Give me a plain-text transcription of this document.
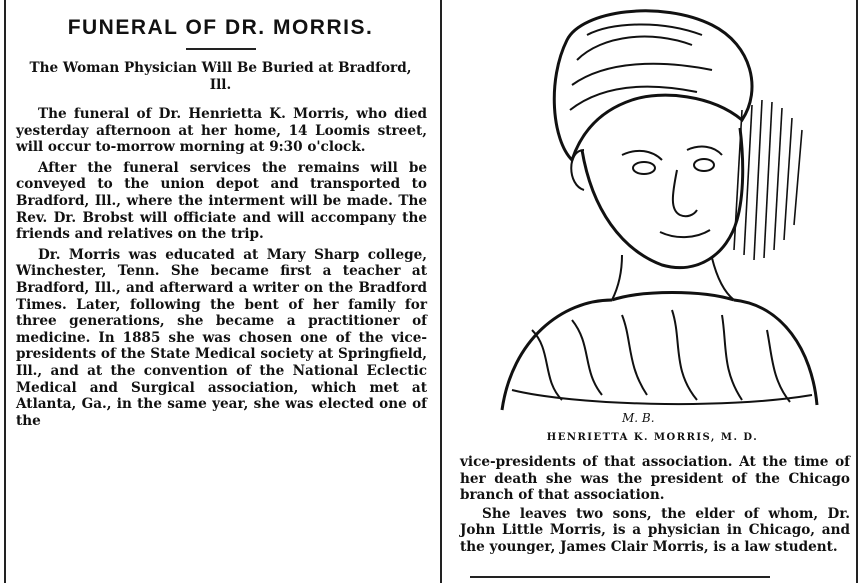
FUNERAL OF DR. MORRIS.
The Woman Physician Will Be Buried at Bradford, Ill.
The funeral of Dr. Henrietta K. Morris, who died yesterday afternoon at her home, 14 Loomis street, will occur to-morrow morning at 9:30 o'clock.
After the funeral services the remains will be conveyed to the union depot and transported to Bradford, Ill., where the interment will be made. The Rev. Dr. Brobst will officiate and will accompany the friends and relatives on the trip.
Dr. Morris was educated at Mary Sharp college, Winchester, Tenn. She became first a teacher at Bradford, Ill., and afterward a writer on the Bradford Times. Later, following the bent of her family for three generations, she became a practitioner of medicine. In 1885 she was chosen one of the vice-presidents of the State Medical society at Springfield, Ill., and at the convention of the National Eclectic Medical and Surgical association, which met at Atlanta, Ga., in the same year, she was elected one of the	M. B.
HENRIETTA K. MORRIS, M. D.
vice-presidents of that association. At the time of her death she was the president of the Chicago branch of that association.
She leaves two sons, the elder of whom, Dr. John Little Morris, is a physician in Chicago, and the younger, James Clair Morris, is a law student.
